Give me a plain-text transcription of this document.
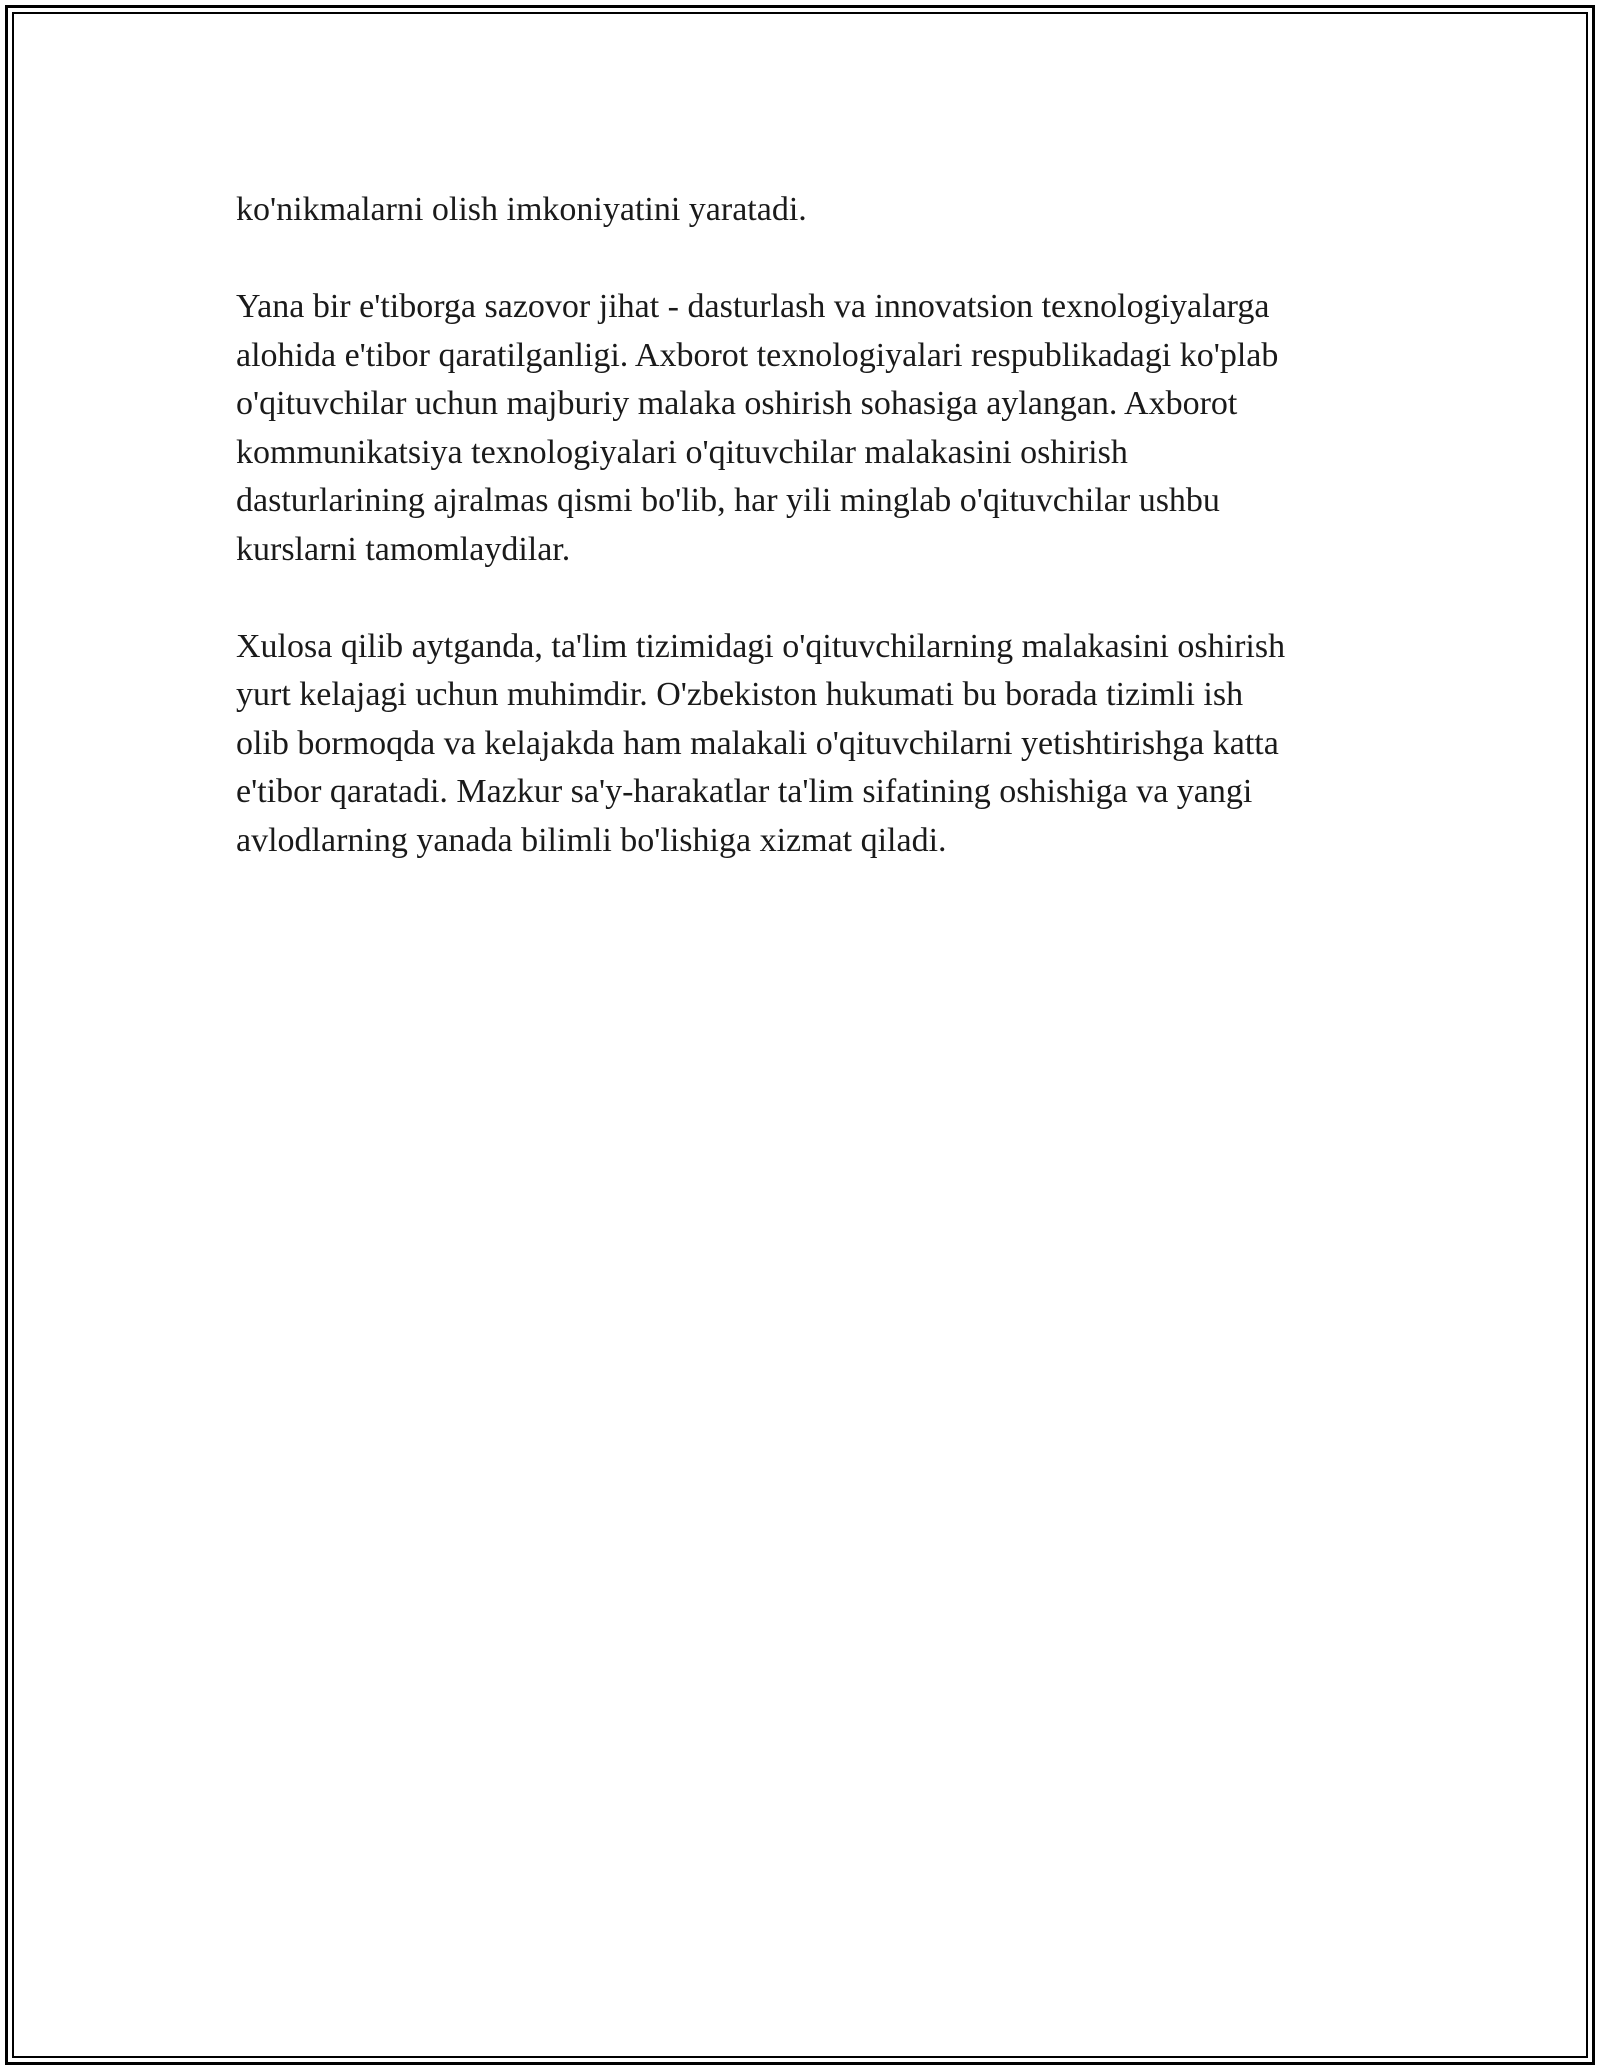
ko'nikmalarni olish imkoniyatini yaratadi.

Yana bir e'tiborga sazovor jihat - dasturlash va innovatsion texnologiyalarga
alohida e'tibor qaratilganligi. Axborot texnologiyalari respublikadagi ko'plab
o'qituvchilar uchun majburiy malaka oshirish sohasiga aylangan. Axborot
kommunikatsiya texnologiyalari o'qituvchilar malakasini oshirish
dasturlarining ajralmas qismi bo'lib, har yili minglab o'qituvchilar ushbu
kurslarni tamomlaydilar.

Xulosa qilib aytganda, ta'lim tizimidagi o'qituvchilarning malakasini oshirish
yurt kelajagi uchun muhimdir. O'zbekiston hukumati bu borada tizimli ish
olib bormoqda va kelajakda ham malakali o'qituvchilarni yetishtirishga katta
e'tibor qaratadi. Mazkur sa'y-harakatlar ta'lim sifatining oshishiga va yangi
avlodlarning yanada bilimli bo'lishiga xizmat qiladi.
